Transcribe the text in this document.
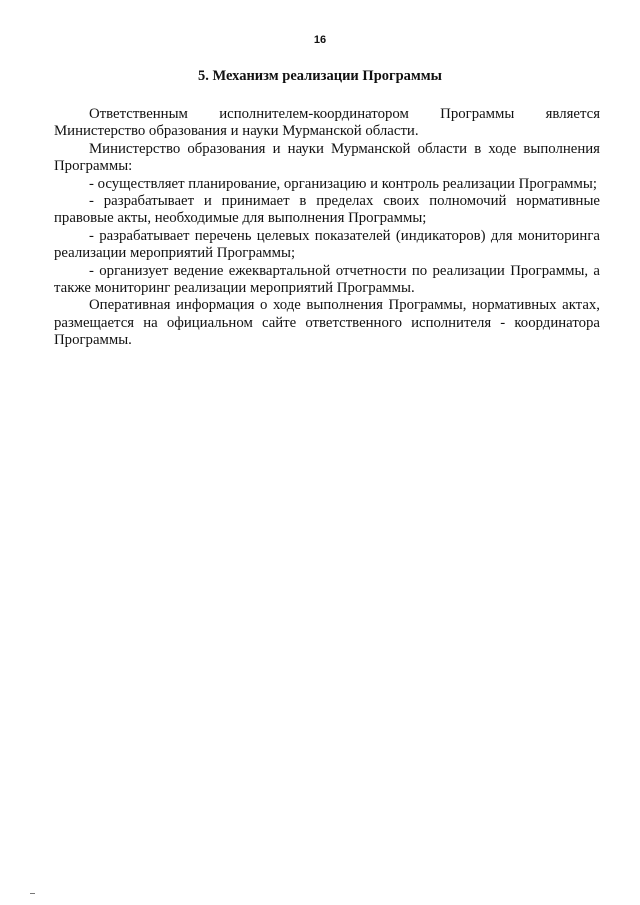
16
5. Механизм реализации Программы

Ответственным исполнителем-координатором Программы является Министерство образования и науки Мурманской области.

Министерство образования и науки Мурманской области в ходе выполнения Программы:

- осуществляет планирование, организацию и контроль реализации Программы;

- разрабатывает и принимает в пределах своих полномочий нормативные правовые акты, необходимые для выполнения Программы;

- разрабатывает перечень целевых показателей (индикаторов) для мониторинга реализации мероприятий Программы;

- организует ведение ежеквартальной отчетности по реализации Программы, а также мониторинг реализации мероприятий Программы.

Оперативная информация о ходе выполнения Программы, нормативных актах, размещается на официальном сайте ответственного исполнителя - координатора Программы.
